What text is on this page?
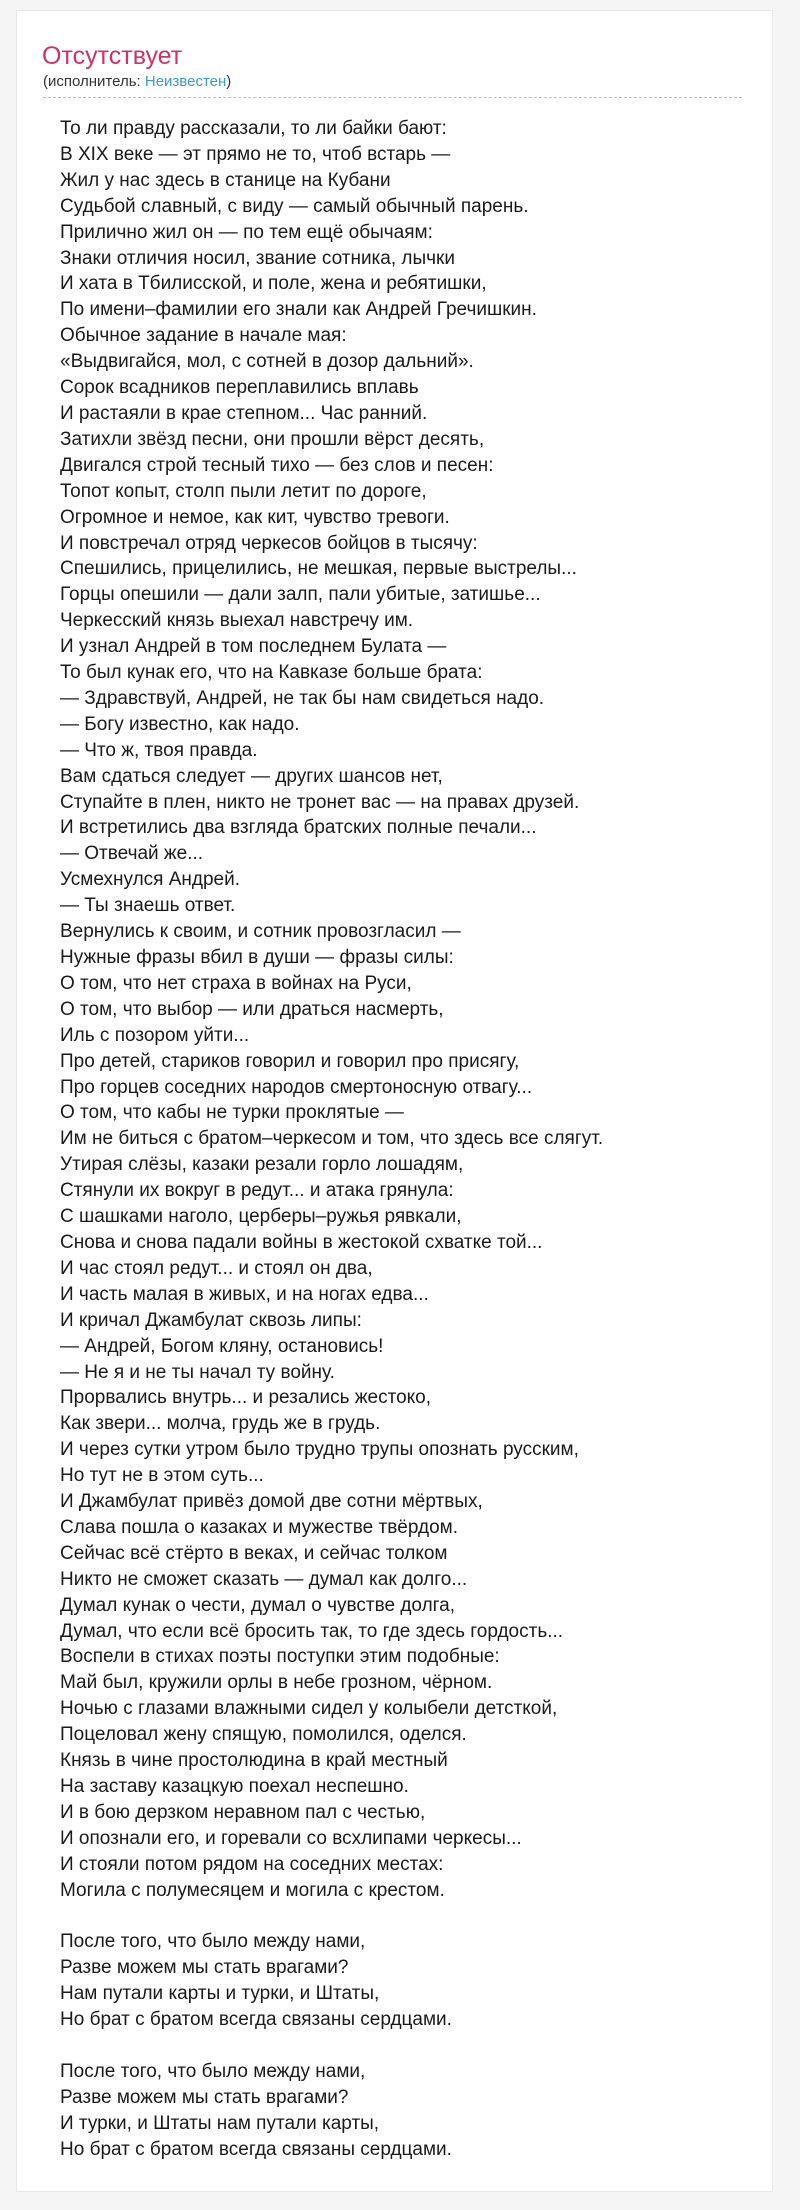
Отсутствует
(исполнитель: Неизвестен)
То ли правду рассказали, то ли байки бают:
В XIX веке — эт прямо не то, чтоб встарь —
Жил у нас здесь в станице на Кубани
Судьбой славный, с виду — самый обычный парень.
Прилично жил он — по тем ещё обычаям:
Знаки отличия носил, звание сотника, лычки
И хата в Тбилисской, и поле, жена и ребятишки,
По имени–фамилии его знали как Андрей Гречишкин.
Обычное задание в начале мая:
«Выдвигайся, мол, с сотней в дозор дальний».
Сорок всадников переплавились вплавь
И растаяли в крае степном... Час ранний.
Затихли звёзд песни, они прошли вёрст десять,
Двигался строй тесный тихо — без слов и песен:
Топот копыт, столп пыли летит по дороге,
Огромное и немое, как кит, чувство тревоги.
И повстречал отряд черкесов бойцов в тысячу:
Спешились, прицелились, не мешкая, первые выстрелы...
Горцы опешили — дали залп, пали убитые, затишье...
Черкесский князь выехал навстречу им.
И узнал Андрей в том последнем Булата —
То был кунак его, что на Кавказе больше брата:
— Здравствуй, Андрей, не так бы нам свидеться надо.
— Богу известно, как надо.
— Что ж, твоя правда.
Вам сдаться следует — других шансов нет,
Ступайте в плен, никто не тронет вас — на правах друзей.
И встретились два взгляда братских полные печали...
— Отвечай же...
Усмехнулся Андрей.
— Ты знаешь ответ.
Вернулись к своим, и сотник провозгласил —
Нужные фразы вбил в души — фразы силы:
О том, что нет страха в войнах на Руси,
О том, что выбор — или драться насмерть,
Иль с позором уйти...
Про детей, стариков говорил и говорил про присягу,
Про горцев соседних народов смертоносную отвагу...
О том, что кабы не турки проклятые —
Им не биться с братом–черкесом и том, что здесь все слягут.
Утирая слёзы, казаки резали горло лошадям,
Стянули их вокруг в редут... и атака грянула:
С шашками наголо, церберы–ружья рявкали,
Снова и снова падали войны в жестокой схватке той...
И час стоял редут... и стоял он два,
И часть малая в живых, и на ногах едва...
И кричал Джамбулат сквозь липы:
— Андрей, Богом кляну, остановись!
— Не я и не ты начал ту войну.
Прорвались внутрь... и резались жестоко,
Как звери... молча, грудь же в грудь.
И через сутки утром было трудно трупы опознать русским,
Но тут не в этом суть...
И Джамбулат привёз домой две сотни мёртвых,
Слава пошла о казаках и мужестве твёрдом.
Сейчас всё стёрто в веках, и сейчас толком
Никто не сможет сказать — думал как долго...
Думал кунак о чести, думал о чувстве долга,
Думал, что если всё бросить так, то где здесь гордость...
Воспели в стихах поэты поступки этим подобные:
Май был, кружили орлы в небе грозном, чёрном.
Ночью с глазами влажными сидел у колыбели детсткой,
Поцеловал жену спящую, помолился, оделся.
Князь в чине простолюдина в край местный
На заставу казацкую поехал неспешно.
И в бою дерзком неравном пал с честью,
И опознали его, и горевали со всхлипами черкесы...
И стояли потом рядом на соседних местах:
Могила с полумесяцем и могила с крестом.
После того, что было между нами,
Разве можем мы стать врагами?
Нам путали карты и турки, и Штаты,
Но брат с братом всегда связаны сердцами.
После того, что было между нами,
Разве можем мы стать врагами?
И турки, и Штаты нам путали карты,
Но брат с братом всегда связаны сердцами.
